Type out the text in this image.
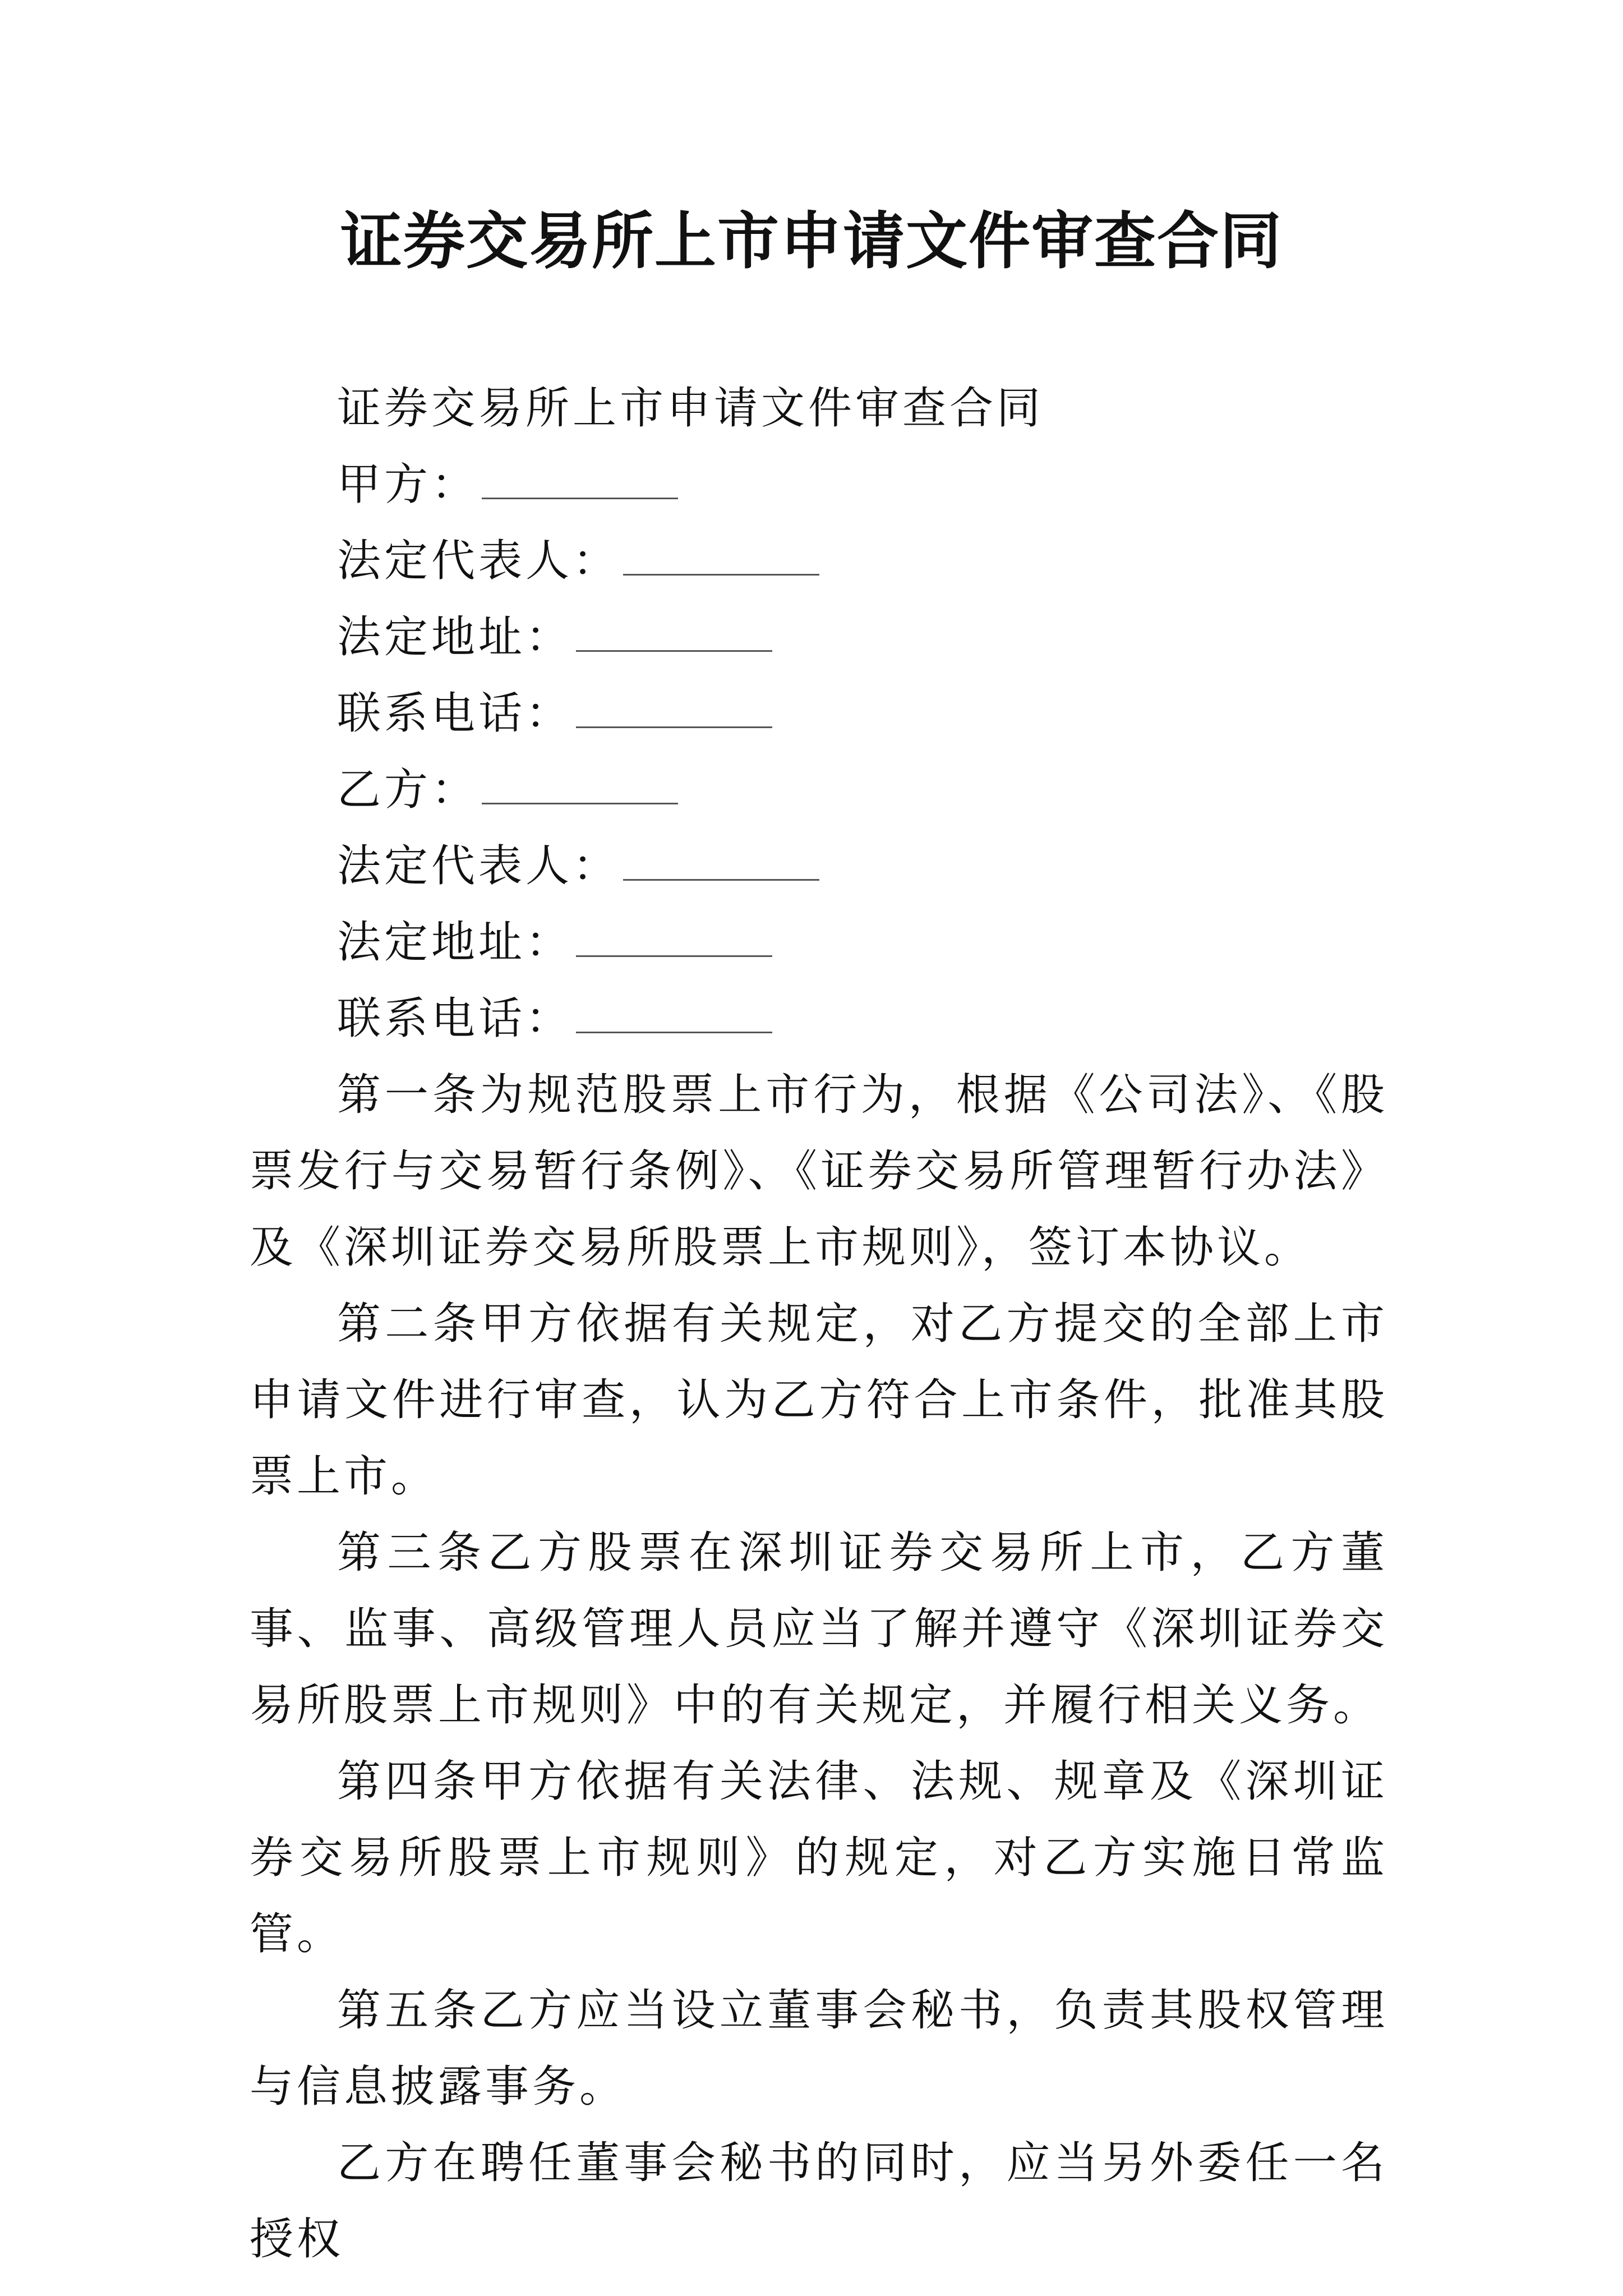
证券交易所上市申请文件审查合同
证券交易所上市申请文件审查合同
甲方：
法定代表人：
法定地址：
联系电话：
乙方：
法定代表人：
法定地址：
联系电话：

第一条为规范股票上市行为，根据《公司法》、《股票发行与交易暂行条例》、《证券交易所管理暂行办法》及《深圳证券交易所股票上市规则》，签订本协议。

第二条甲方依据有关规定，对乙方提交的全部上市申请文件进行审查，认为乙方符合上市条件，批准其股票上市。

第三条乙方股票在深圳证券交易所上市，乙方董事、监事、高级管理人员应当了解并遵守《深圳证券交易所股票上市规则》中的有关规定，并履行相关义务。

第四条甲方依据有关法律、法规、规章及《深圳证券交易所股票上市规则》的规定，对乙方实施日常监管。

第五条乙方应当设立董事会秘书，负责其股权管理与信息披露事务。

乙方在聘任董事会秘书的同时，应当另外委任一名授权
